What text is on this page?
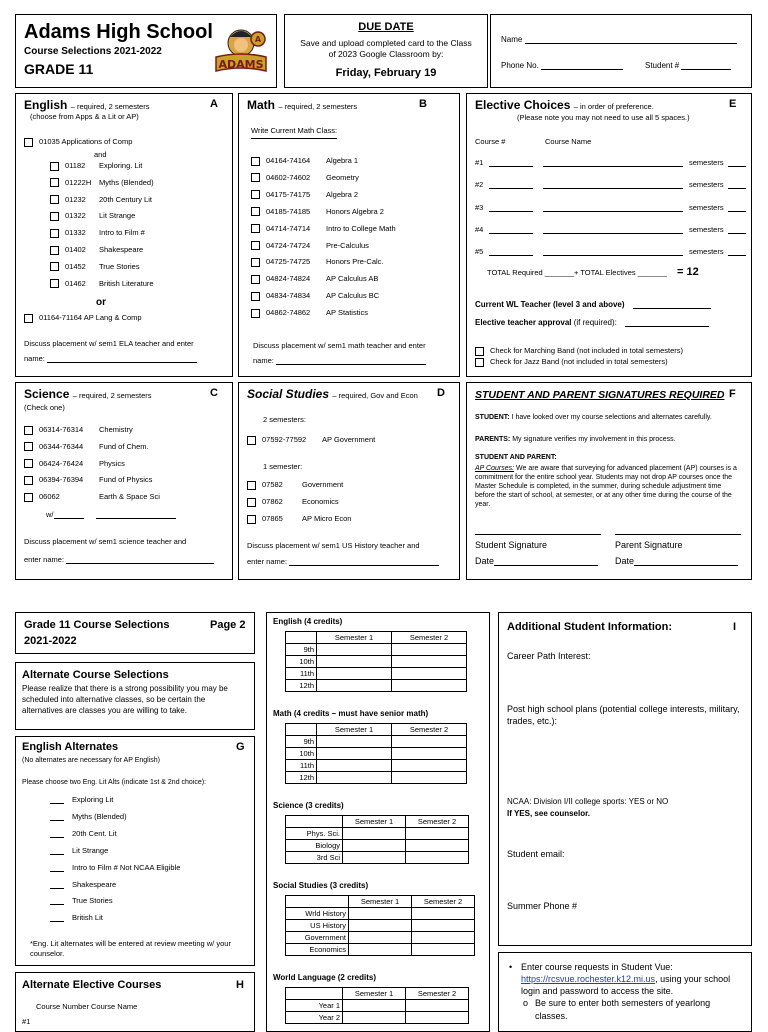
Adams High School
Course Selections 2021-2022
GRADE 11
A
ADAMS
DUE DATE
Save and upload completed card to the Class of 2023 Google Classroom by:
Friday, February 19
Name
Phone No.	Student #
English – required, 2 semesters	A
(choose from Apps & a Lit or AP)
01035 Applications of Comp
and
01182 Exploring. Lit
01222H Myths (Blended)
01232 20th Century Lit
01322 Lit Strange
01332 Intro to Film #
01402 Shakespeare
01452 True Stories
01462 British Literature
or
01164-71164 AP Lang & Comp
Discuss placement w/ sem1 ELA teacher and enter
name:
Math – required, 2 semesters	B
Write Current Math Class:
04164-74164 Algebra 1
04602-74602 Geometry
04175-74175 Algebra 2
04185-74185 Honors Algebra 2
04714-74714 Intro to College Math
04724-74724 Pre-Calculus
04725-74725 Honors Pre-Calc.
04824-74824 AP Calculus AB
04834-74834 AP Calculus BC
04862-74862 AP Statistics
Discuss placement w/ sem1 math teacher and enter
name:
Elective Choices – in order of preference.	E
(Please note you may not need to use all 5 spaces.)
Course #	Course Name
#1	semesters
#2	semesters
#3	semesters
#4	semesters
#5	semesters
TOTAL Required _______+ TOTAL Electives _______ = 12
Current WL Teacher (level 3 and above)
Elective teacher approval (if required):
Check for Marching Band (not included in total semesters)
Check for Jazz Band (not included in total semesters)
Science – required, 2 semesters	C
(Check one)
06314-76314 Chemistry
06344-76344 Fund of Chem.
06424-76424 Physics
06394-76394 Fund of Physics
06062	Earth & Space Sci
w/
Discuss placement w/ sem1 science teacher and
enter name:
Social Studies – required, Gov and Econ D
2 semesters:
07592-77592 AP Government
1 semester:
07582	Government
07862	Economics
07865	AP Micro Econ
Discuss placement w/ sem1 US History teacher and
enter name:
STUDENT AND PARENT SIGNATURES REQUIRED F
STUDENT: I have looked over my course selections and alternates carefully.
PARENTS: My signature verifies my involvement in this process.
STUDENT AND PARENT:
AP Courses: We are aware that surveying for advanced placement (AP) courses is a commitment for the entire school year. Students may not drop AP courses once the Master Schedule is completed, in the summer, during schedule adjustment time before the start of school, at semester, or at any other time during the course of the year.
Student Signature	Parent Signature
Date	Date
Grade 11 Course Selections
2021-2022
Page 2
Alternate Course Selections
Please realize that there is a strong possibility you may be scheduled into alternative classes, so be certain the alternatives are classes you are willing to take.
English Alternates	G
(No alternates are necessary for AP English)
Please choose two Eng. Lit Alts (indicate 1st & 2nd choice):
Exploring Lit
Myths (Blended)
20th Cent. Lit
Lit Strange
Intro to Film # Not NCAA Eligible
Shakespeare
True Stories
British Lit
*Eng. Lit alternates will be entered at review meeting w/ your counselor.
Alternate Elective Courses	H
Course Number Course Name
#1
English (4 credits)
	Semester 1	Semester 2
9th		
10th		
11th		
12th		
Math (4 credits – must have senior math)
	Semester 1	Semester 2
9th		
10th		
11th		
12th		
Science (3 credits)
	Semester 1	Semester 2
Phys. Sci.		
Biology		
3rd Sci		
Social Studies (3 credits)
	Semester 1	Semester 2
Wrld History		
US History		
Government		
Economics		
World Language (2 credits)
	Semester 1	Semester 2
Year 1		
Year 2		
Additional Student Information:	I
Career Path Interest:
Post high school plans (potential college interests, military, trades, etc.):
NCAA: Division I/II college sports: YES or NO
If YES, see counselor.
Student email:
Summer Phone #
• Enter course requests in Student Vue: https://rcsvue.rochester.k12.mi.us, using your school login and password to access the site.
o Be sure to enter both semesters of yearlong classes.
